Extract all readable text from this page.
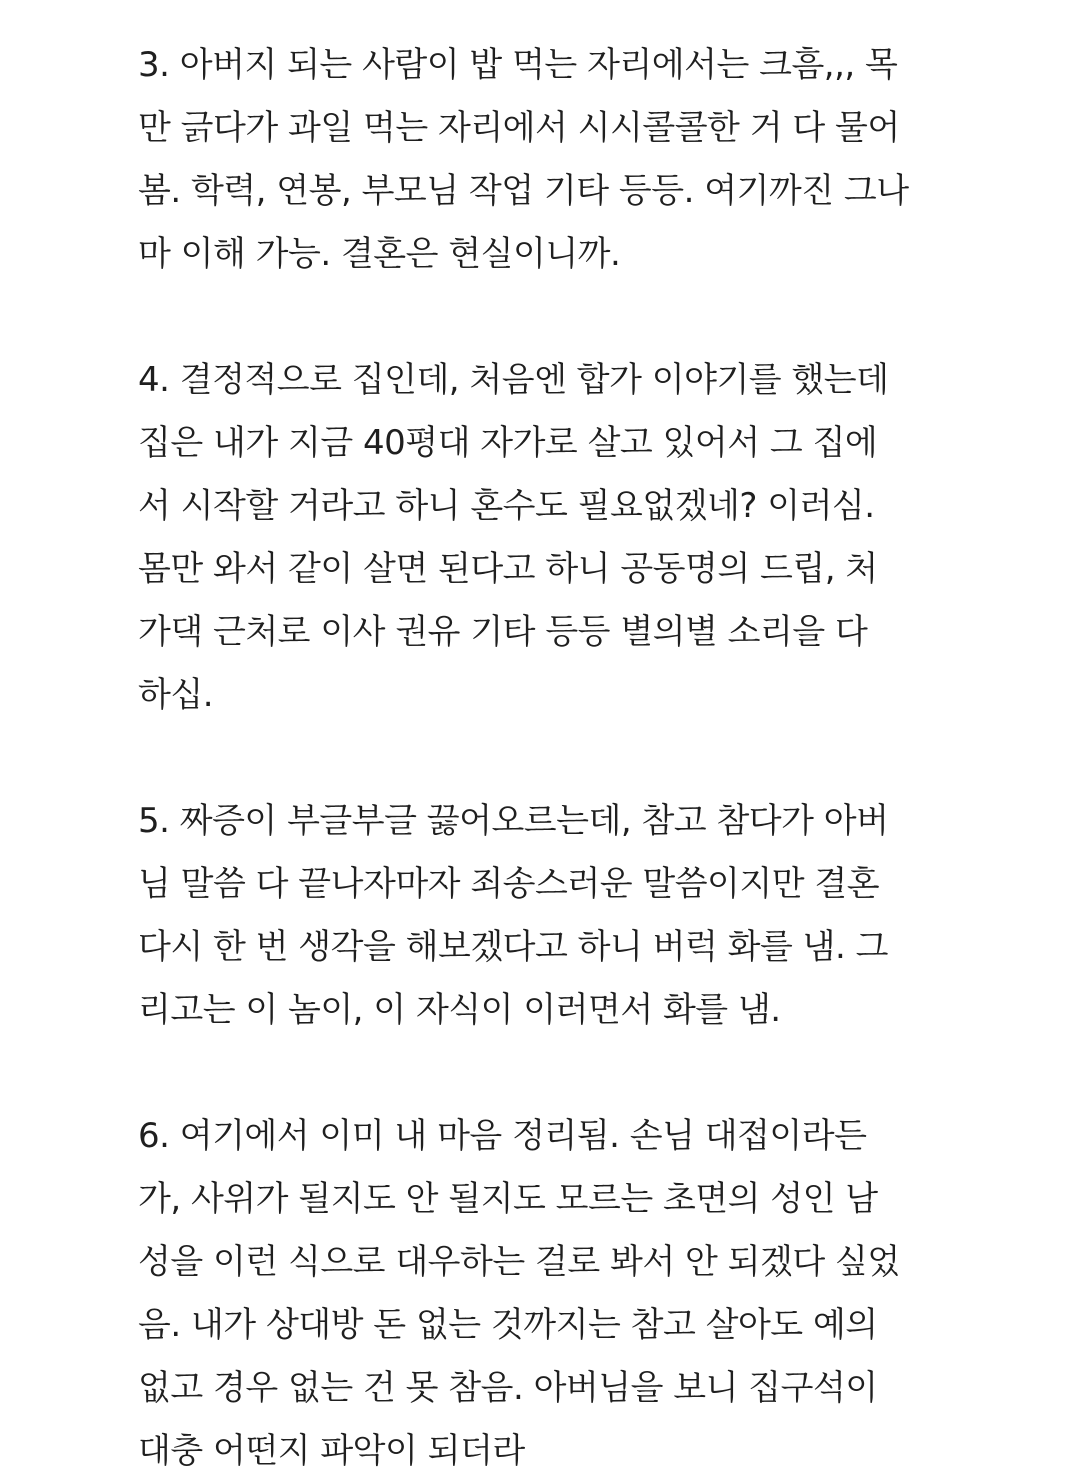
3. 아버지 되는 사람이 밥 먹는 자리에서는 크흠,,, 목
만 긁다가 과일 먹는 자리에서 시시콜콜한 거 다 물어
봄. 학력, 연봉, 부모님 작업 기타 등등. 여기까진 그나
마 이해 가능. 결혼은 현실이니까.
4. 결정적으로 집인데, 처음엔 합가 이야기를 했는데
집은 내가 지금 40평대 자가로 살고 있어서 그 집에
서 시작할 거라고 하니 혼수도 필요없겠네? 이러심.
몸만 와서 같이 살면 된다고 하니 공동명의 드립, 처
가댁 근처로 이사 권유 기타 등등 별의별 소리을 다
하십.
5. 짜증이 부글부글 끓어오르는데, 참고 참다가 아버
님 말씀 다 끝나자마자 죄송스러운 말씀이지만 결혼
다시 한 번 생각을 해보겠다고 하니 버럭 화를 냄. 그
리고는 이 놈이, 이 자식이 이러면서 화를 냄.
6. 여기에서 이미 내 마음 정리됨. 손님 대접이라든
가, 사위가 될지도 안 될지도 모르는 초면의 성인 남
성을 이런 식으로 대우하는 걸로 봐서 안 되겠다 싶었
음. 내가 상대방 돈 없는 것까지는 참고 살아도 예의
없고 경우 없는 건 못 참음. 아버님을 보니 집구석이
대충 어떤지 파악이 되더라
